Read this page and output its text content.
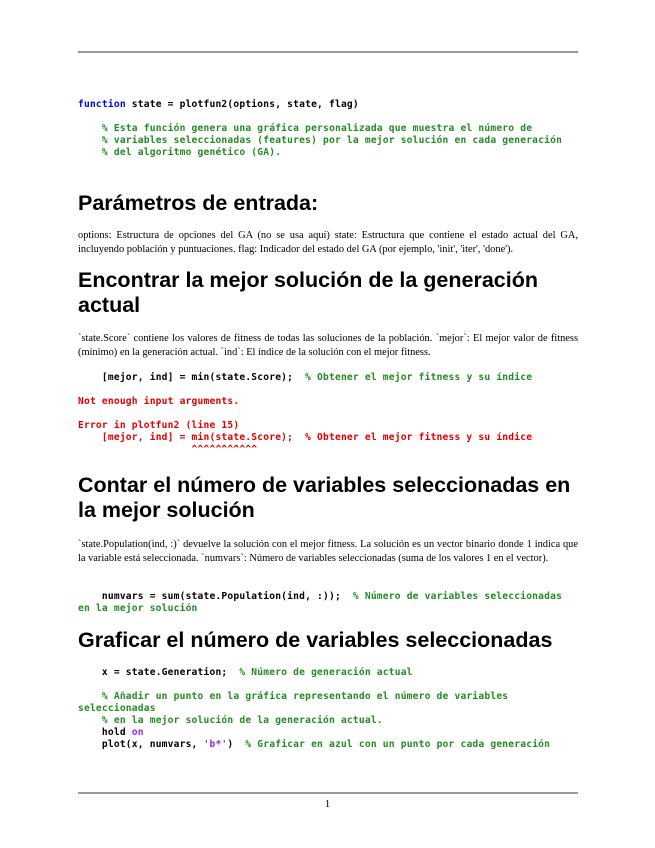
function state = plotfun2(options, state, flag)

% Esta función genera una gráfica personalizada que muestra el número de
% variables seleccionadas (features) por la mejor solución en cada generación
% del algoritmo genético (GA).
Parámetros de entrada:

options: Estructura de opciones del GA (no se usa aquí) state: Estructura que contiene el estado actual del GA, incluyendo población y puntuaciones. flag: Indicador del estado del GA (por ejemplo, 'init', 'iter', 'done').

Encontrar la mejor solución de la generación actual

`state.Score` contiene los valores de fitness de todas las soluciones de la población. `mejor`: El mejor valor de fitness (mínimo) en la generación actual. `ind`: El índice de la solución con el mejor fitness.

[mejor, ind] = min(state.Score);  % Obtener el mejor fitness y su índice

Not enough input arguments.

Error in plotfun2 (line 15)
[mejor, ind] = min(state.Score);  % Obtener el mejor fitness y su índice
^^^^^^^^^^^
Contar el número de variables seleccionadas en la mejor solución

`state.Population(ind, :)` devuelve la solución con el mejor fitness. La solución es un vector binario donde 1 indica que la variable está seleccionada. `numvars`: Número de variables seleccionadas (suma de los valores 1 en el vector).

numvars = sum(state.Population(ind, :));  % Número de variables seleccionadas en la mejor solución
Graficar el número de variables seleccionadas
x = state.Generation;  % Número de generación actual

% Añadir un punto en la gráfica representando el número de variables seleccionadas
% en la mejor solución de la generación actual.
hold on
plot(x, numvars, 'b*')  % Graficar en azul con un punto por cada generación
1
